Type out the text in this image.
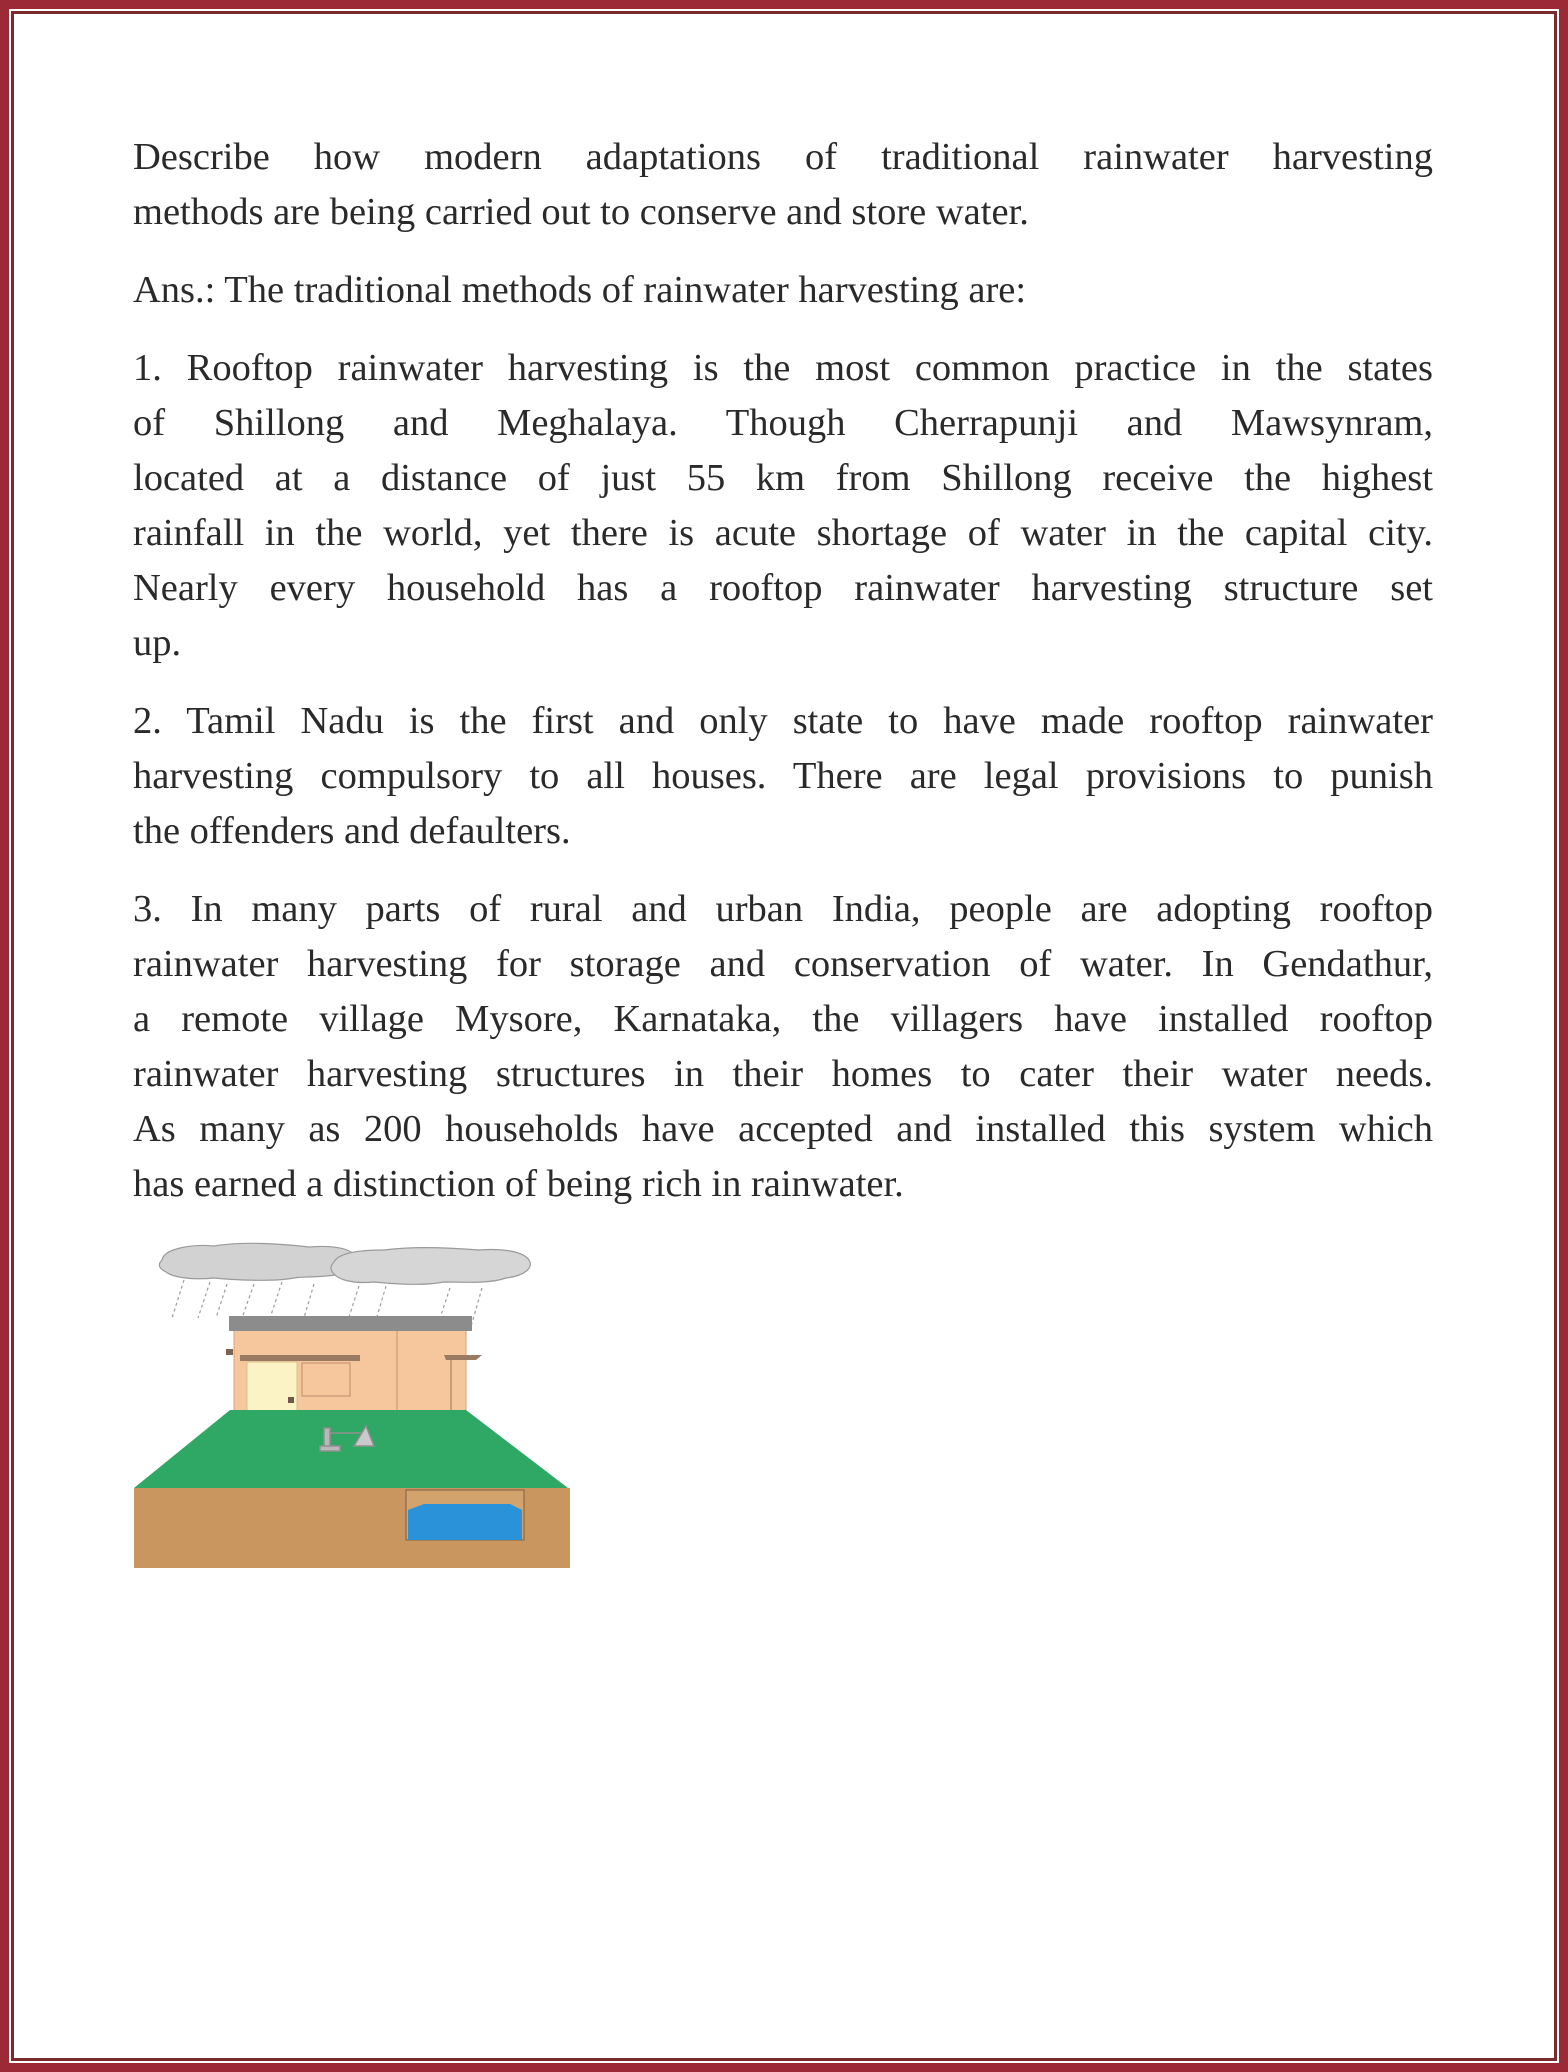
Describe how modern adaptations of traditional rainwater harvesting
methods are being carried out to conserve and store water.
Ans.: The traditional methods of rainwater harvesting are:
1. Rooftop rainwater harvesting is the most common practice in the states
of Shillong and Meghalaya. Though Cherrapunji and Mawsynram,
located at a distance of just 55 km from Shillong receive the highest
rainfall in the world, yet there is acute shortage of water in the capital city.
Nearly every household has a rooftop rainwater harvesting structure set
up.
2. Tamil Nadu is the first and only state to have made rooftop rainwater
harvesting compulsory to all houses. There are legal provisions to punish
the offenders and defaulters.
3. In many parts of rural and urban India, people are adopting rooftop
rainwater harvesting for storage and conservation of water. In Gendathur,
a remote village Mysore, Karnataka, the villagers have installed rooftop
rainwater harvesting structures in their homes to cater their water needs.
As many as 200 households have accepted and installed this system which
has earned a distinction of being rich in rainwater.
